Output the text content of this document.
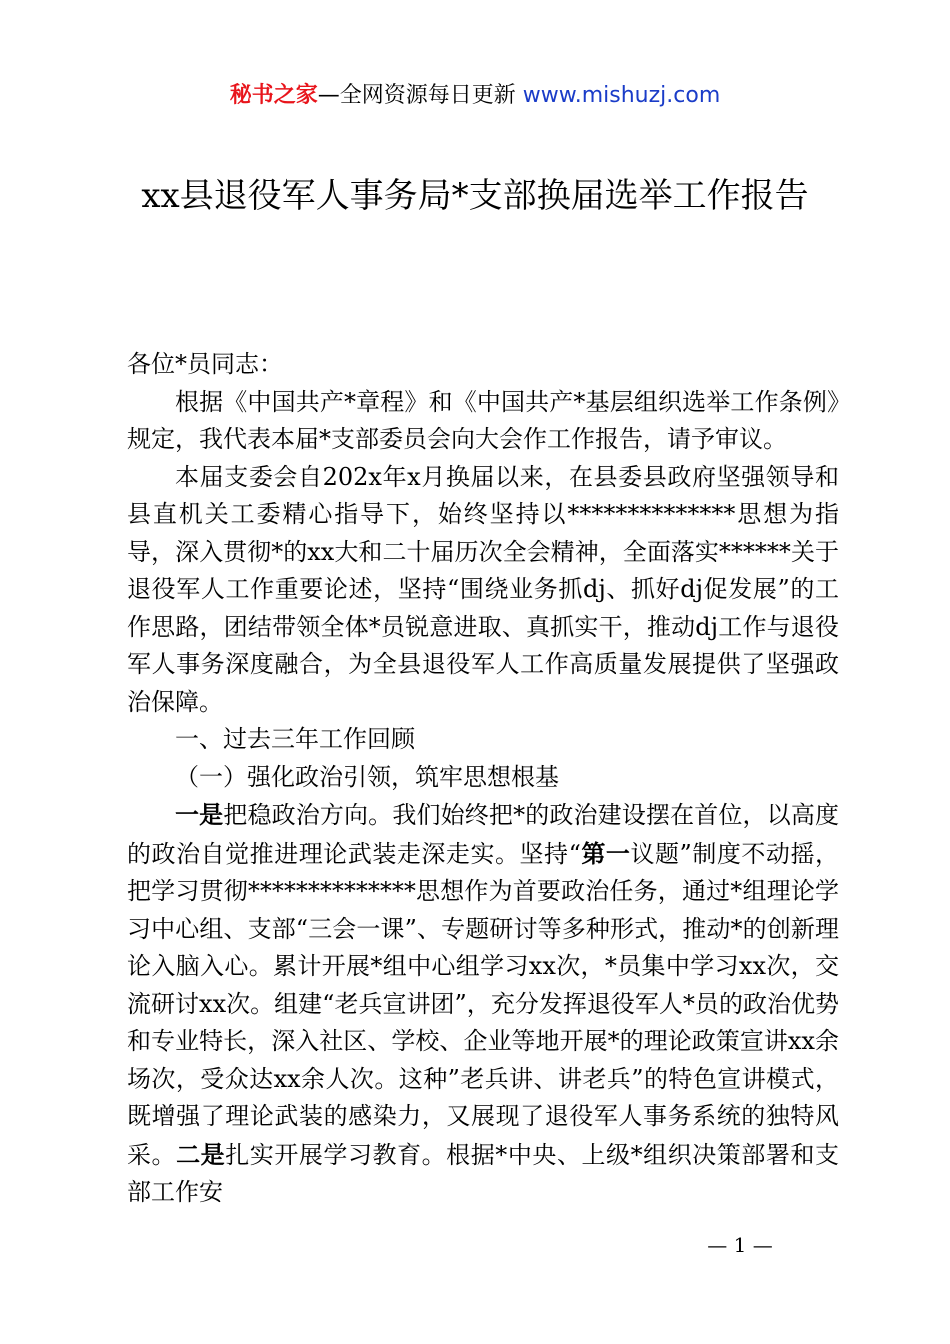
秘书之家—全网资源每日更新 www.mishuzj.com
xx县退役军人事务局*支部换届选举工作报告

各位*员同志：

根据《中国共产*章程》和《中国共产*基层组织选举工作条例》规定，我代表本届*支部委员会向大会作工作报告，请予审议。

本届支委会自202x年x月换届以来，在县委县政府坚强领导和县直机关工委精心指导下，始终坚持以**************思想为指导，深入贯彻*的xx大和二十届历次全会精神，全面落实******关于退役军人工作重要论述，坚持“围绕业务抓dj、抓好dj促发展”的工作思路，团结带领全体*员锐意进取、真抓实干，推动dj工作与退役军人事务深度融合，为全县退役军人工作高质量发展提供了坚强政治保障。

一、过去三年工作回顾

（一）强化政治引领，筑牢思想根基

一是把稳政治方向。我们始终把*的政治建设摆在首位，以高度的政治自觉推进理论武装走深走实。坚持“第一议题”制度不动摇，把学习贯彻**************思想作为首要政治任务，通过*组理论学习中心组、支部“三会一课”、专题研讨等多种形式，推动*的创新理论入脑入心。累计开展*组中心组学习xx次，*员集中学习xx次，交流研讨xx次。组建“老兵宣讲团”，充分发挥退役军人*员的政治优势和专业特长，深入社区、学校、企业等地开展*的理论政策宣讲xx余场次，受众达xx余人次。这种”老兵讲、讲老兵”的特色宣讲模式，既增强了理论武装的感染力，又展现了退役军人事务系统的独特风采。二是扎实开展学习教育。根据*中央、上级*组织决策部署和支部工作安

— 1 —
